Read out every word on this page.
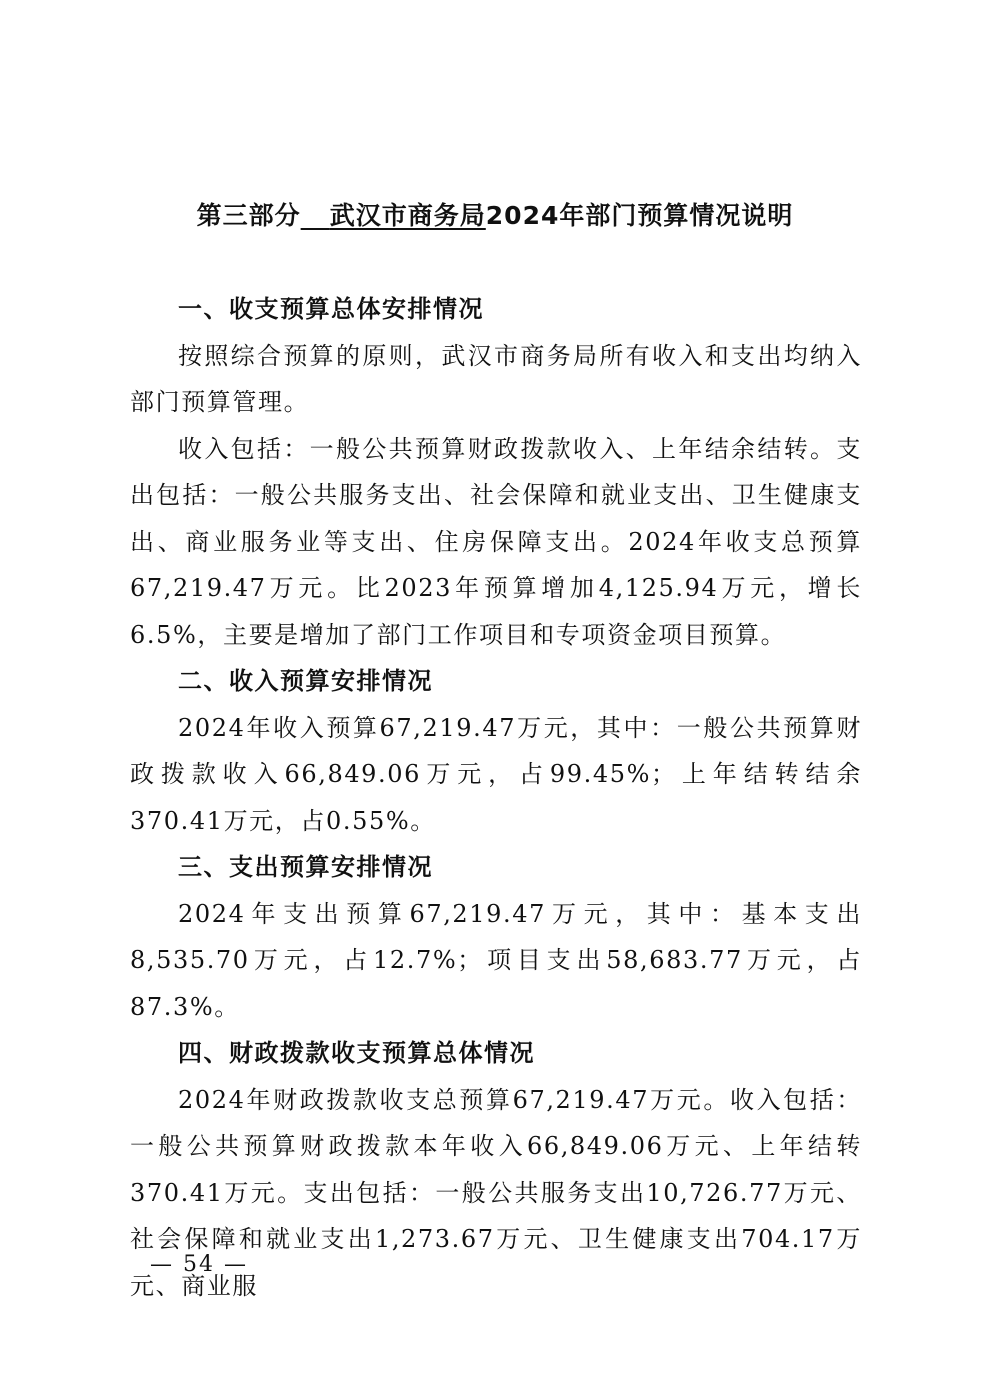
第三部分 武汉市商务局2024年部门预算情况说明
一、收支预算总体安排情况

按照综合预算的原则，武汉市商务局所有收入和支出均纳入部门预算管理。

收入包括：一般公共预算财政拨款收入、上年结余结转。支出包括：一般公共服务支出、社会保障和就业支出、卫生健康支出、商业服务业等支出、住房保障支出。2024年收支总预算67,219.47万元。比2023年预算增加4,125.94万元，增长6.5%，主要是增加了部门工作项目和专项资金项目预算。

二、收入预算安排情况

2024年收入预算67,219.47万元，其中：一般公共预算财政拨款收入66,849.06万元，占99.45%；上年结转结余370.41万元，占0.55%。

三、支出预算安排情况

2024年支出预算67,219.47万元，其中：基本支出8,535.70万元，占12.7%；项目支出58,683.77万元，占87.3%。

四、财政拨款收支预算总体情况

2024年财政拨款收支总预算67,219.47万元。收入包括：一般公共预算财政拨款本年收入66,849.06万元、上年结转370.41万元。支出包括：一般公共服务支出10,726.77万元、社会保障和就业支出1,273.67万元、卫生健康支出704.17万元、商业服

— 54 —
